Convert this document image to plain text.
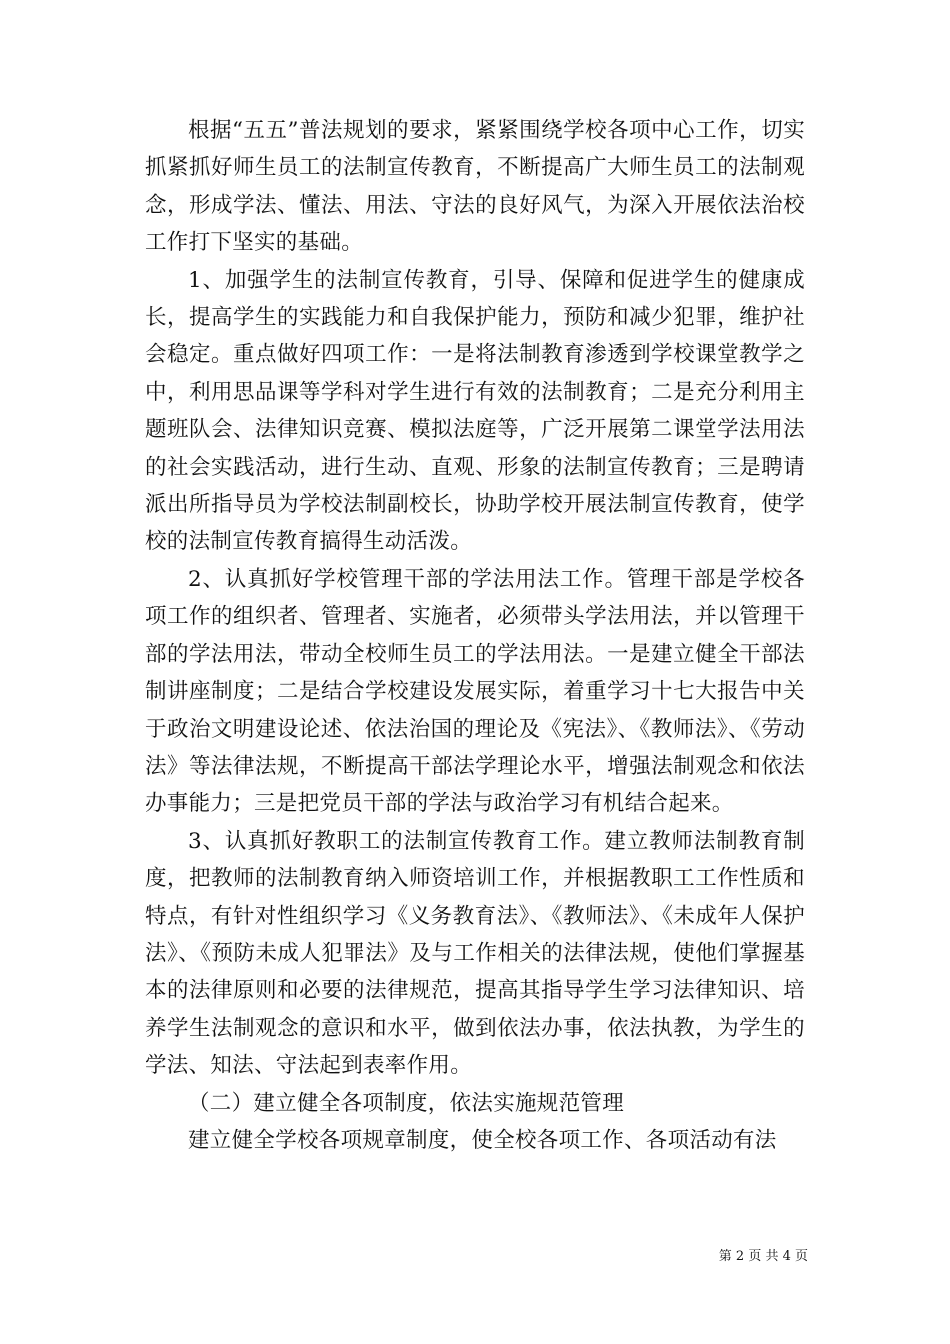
根据“五五”普法规划的要求，紧紧围绕学校各项中心工作，切实抓紧抓好师生员工的法制宣传教育，不断提高广大师生员工的法制观念，形成学法、懂法、用法、守法的良好风气，为深入开展依法治校工作打下坚实的基础。

1、加强学生的法制宣传教育，引导、保障和促进学生的健康成长，提高学生的实践能力和自我保护能力，预防和减少犯罪，维护社会稳定。重点做好四项工作：一是将法制教育渗透到学校课堂教学之中，利用思品课等学科对学生进行有效的法制教育；二是充分利用主题班队会、法律知识竞赛、模拟法庭等，广泛开展第二课堂学法用法的社会实践活动，进行生动、直观、形象的法制宣传教育；三是聘请派出所指导员为学校法制副校长，协助学校开展法制宣传教育，使学校的法制宣传教育搞得生动活泼。

2、认真抓好学校管理干部的学法用法工作。管理干部是学校各项工作的组织者、管理者、实施者，必须带头学法用法，并以管理干部的学法用法，带动全校师生员工的学法用法。一是建立健全干部法制讲座制度；二是结合学校建设发展实际，着重学习十七大报告中关于政治文明建设论述、依法治国的理论及《宪法》、《教师法》、《劳动法》等法律法规，不断提高干部法学理论水平，增强法制观念和依法办事能力；三是把党员干部的学法与政治学习有机结合起来。

3、认真抓好教职工的法制宣传教育工作。建立教师法制教育制度，把教师的法制教育纳入师资培训工作，并根据教职工工作性质和特点，有针对性组织学习《义务教育法》、《教师法》、《未成年人保护法》、《预防未成人犯罪法》及与工作相关的法律法规，使他们掌握基本的法律原则和必要的法律规范，提高其指导学生学习法律知识、培养学生法制观念的意识和水平，做到依法办事，依法执教，为学生的学法、知法、守法起到表率作用。

（二）建立健全各项制度，依法实施规范管理

建立健全学校各项规章制度，使全校各项工作、各项活动有法

第 2 页 共 4 页
